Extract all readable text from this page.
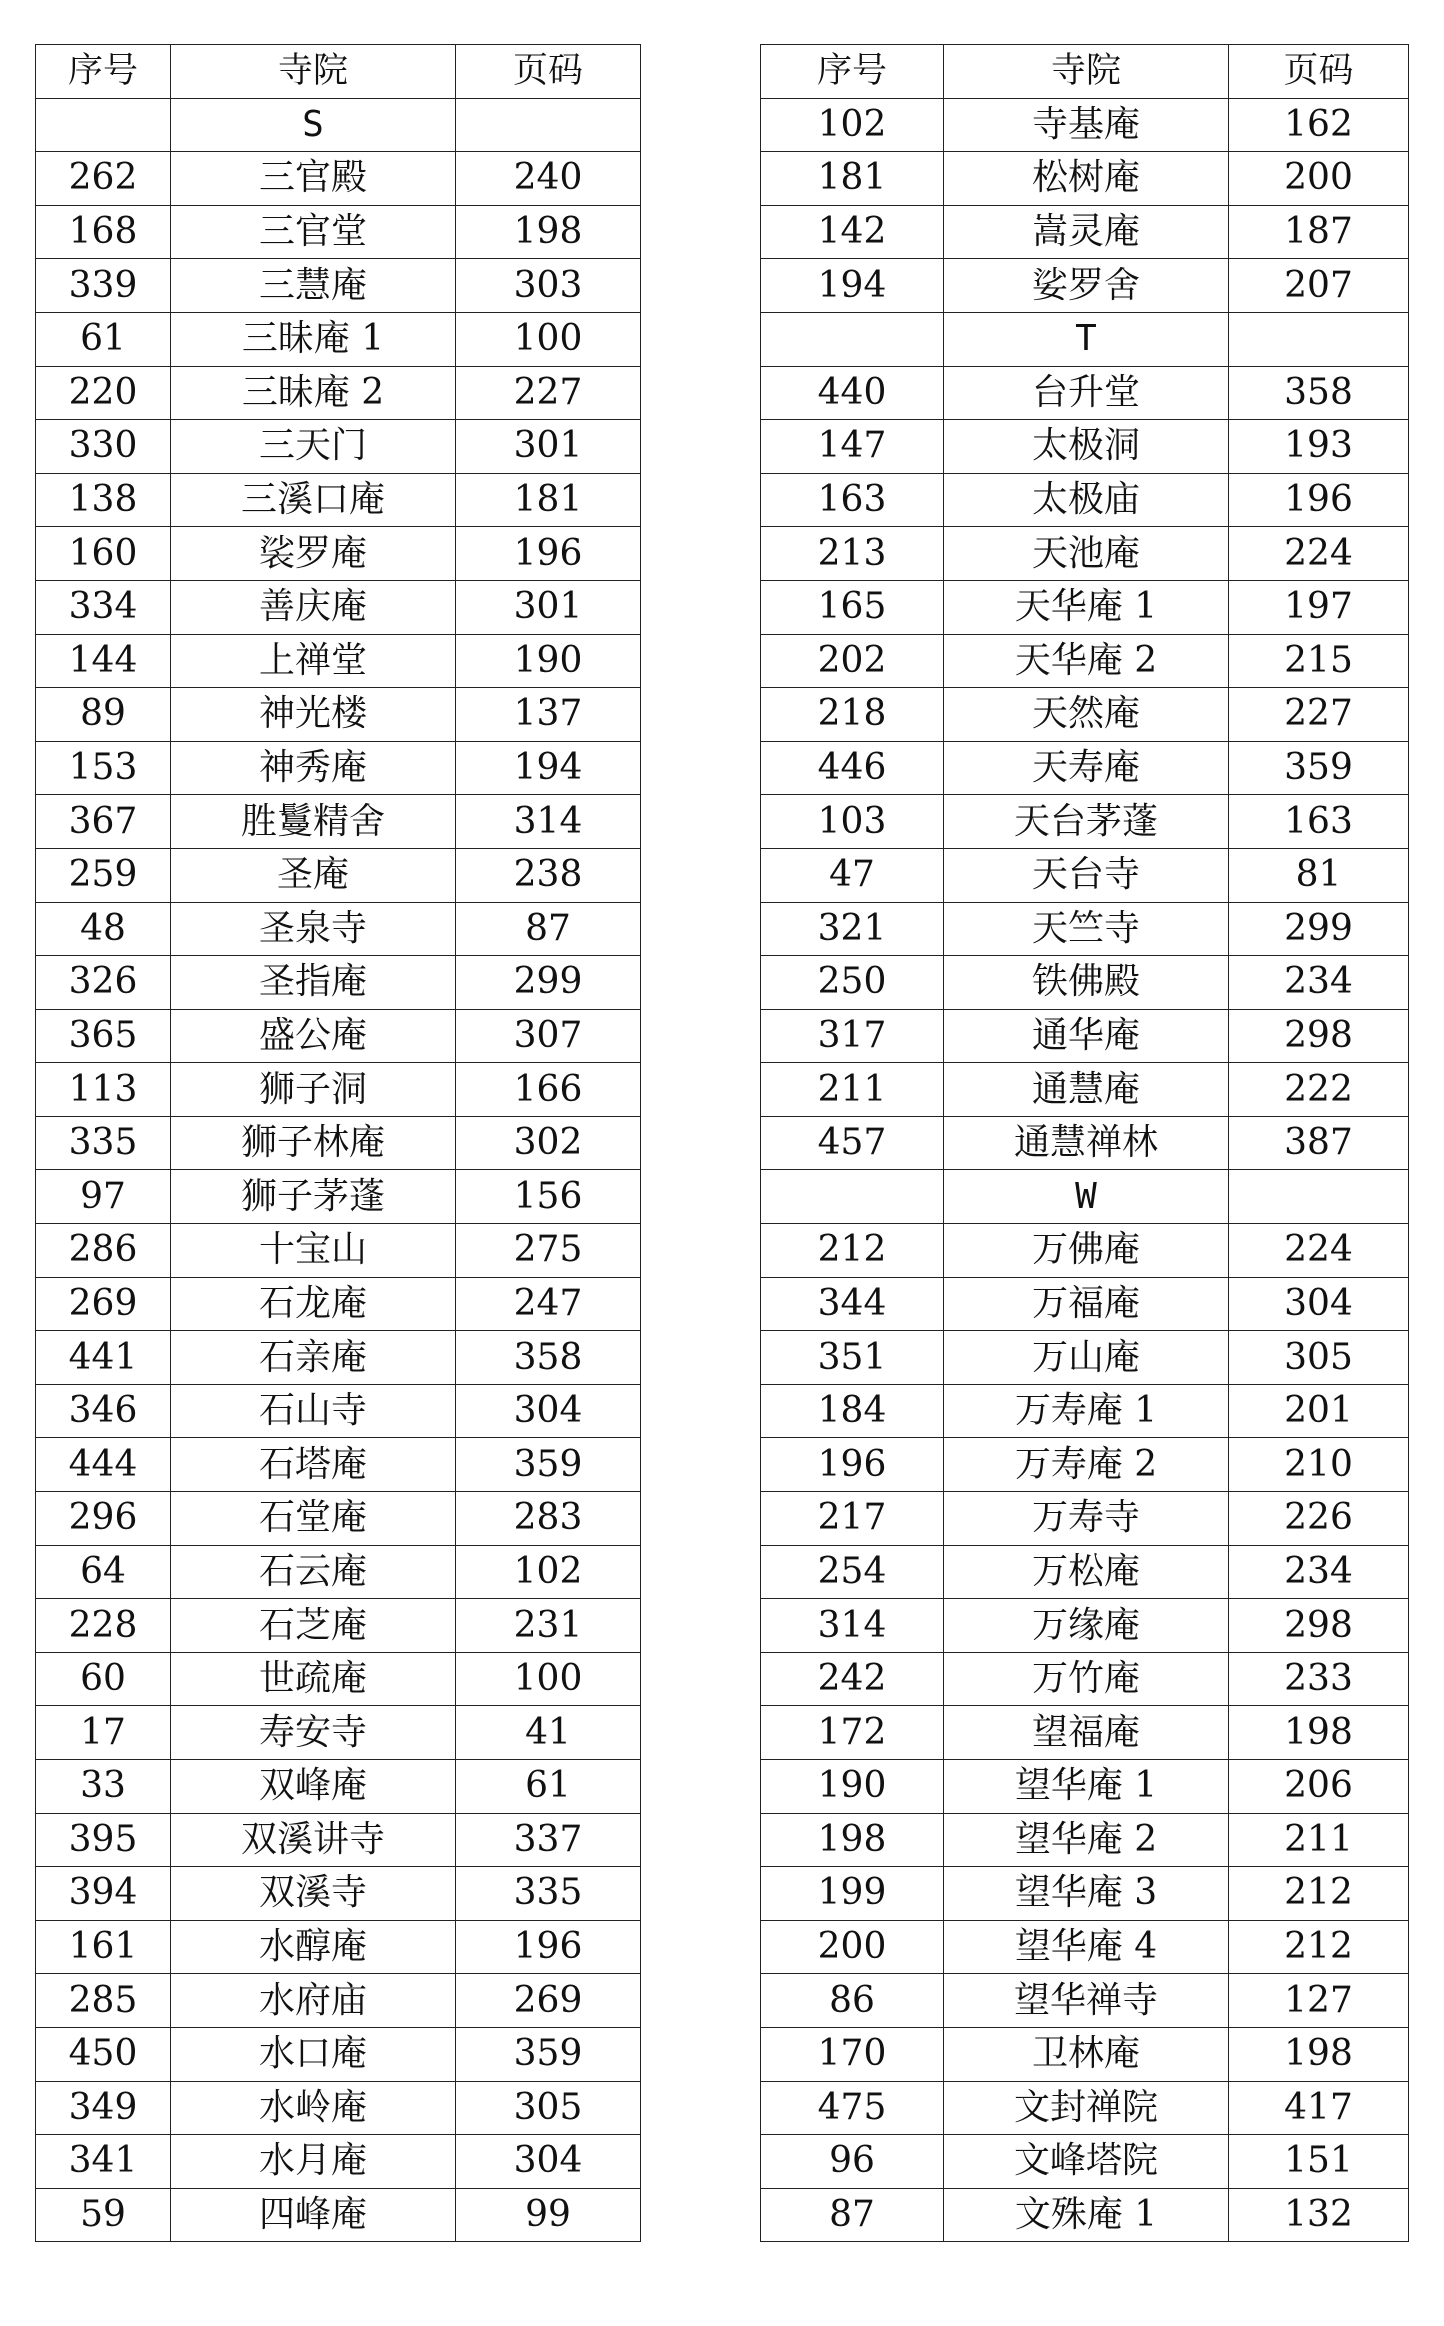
序号	寺院	页码
	S	
262	三官殿	240
168	三官堂	198
339	三慧庵	303
61	三昧庵 1	100
220	三昧庵 2	227
330	三天门	301
138	三溪口庵	181
160	裟罗庵	196
334	善庆庵	301
144	上禅堂	190
89	神光楼	137
153	神秀庵	194
367	胜鬘精舍	314
259	圣庵	238
48	圣泉寺	87
326	圣指庵	299
365	盛公庵	307
113	狮子洞	166
335	狮子林庵	302
97	狮子茅蓬	156
286	十宝山	275
269	石龙庵	247
441	石亲庵	358
346	石山寺	304
444	石塔庵	359
296	石堂庵	283
64	石云庵	102
228	石芝庵	231
60	世疏庵	100
17	寿安寺	41
33	双峰庵	61
395	双溪讲寺	337
394	双溪寺	335
161	水醇庵	196
285	水府庙	269
450	水口庵	359
349	水岭庵	305
341	水月庵	304
59	四峰庵	99
序号	寺院	页码
102	寺基庵	162
181	松树庵	200
142	嵩灵庵	187
194	娑罗舍	207
	T	
440	台升堂	358
147	太极洞	193
163	太极庙	196
213	天池庵	224
165	天华庵 1	197
202	天华庵 2	215
218	天然庵	227
446	天寿庵	359
103	天台茅蓬	163
47	天台寺	81
321	天竺寺	299
250	铁佛殿	234
317	通华庵	298
211	通慧庵	222
457	通慧禅林	387
	W	
212	万佛庵	224
344	万福庵	304
351	万山庵	305
184	万寿庵 1	201
196	万寿庵 2	210
217	万寿寺	226
254	万松庵	234
314	万缘庵	298
242	万竹庵	233
172	望福庵	198
190	望华庵 1	206
198	望华庵 2	211
199	望华庵 3	212
200	望华庵 4	212
86	望华禅寺	127
170	卫林庵	198
475	文封禅院	417
96	文峰塔院	151
87	文殊庵 1	132
